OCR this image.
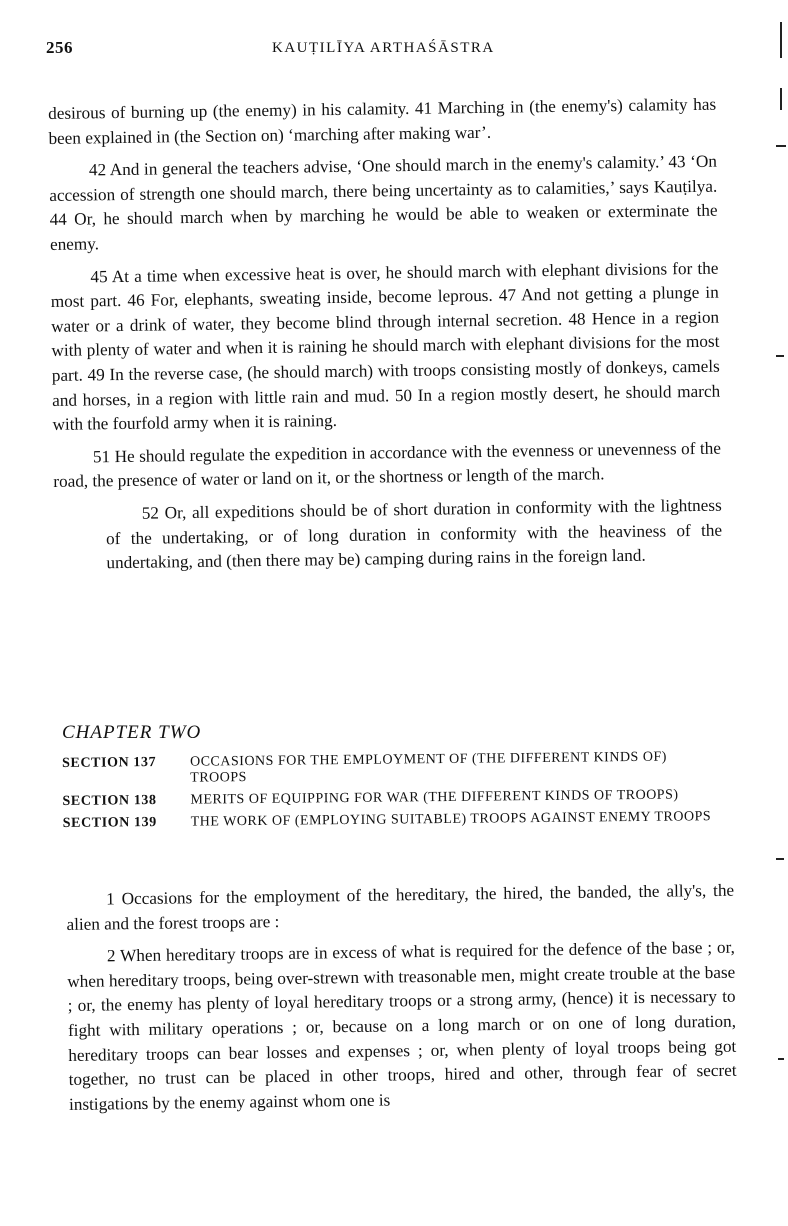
256	KAUṬILĪYA ARTHAŚĀSTRA

desirous of burning up (the enemy) in his calamity. 41 Marching in (the enemy's) calamity has been explained in (the Section on) ‘marching after making war’.

42 And in general the teachers advise, ‘One should march in the enemy's calamity.’ 43 ‘On accession of strength one should march, there being uncertainty as to calamities,’ says Kauṭilya. 44 Or, he should march when by marching he would be able to weaken or exterminate the enemy.

45 At a time when excessive heat is over, he should march with elephant divisions for the most part. 46 For, elephants, sweating inside, become leprous. 47 And not getting a plunge in water or a drink of water, they become blind through internal secretion. 48 Hence in a region with plenty of water and when it is raining he should march with elephant divisions for the most part. 49 In the reverse case, (he should march) with troops consisting mostly of donkeys, camels and horses, in a region with little rain and mud. 50 In a region mostly desert, he should march with the fourfold army when it is raining.

51 He should regulate the expedition in accordance with the evenness or unevenness of the road, the presence of water or land on it, or the shortness or length of the march.

52 Or, all expeditions should be of short duration in conformity with the lightness of the undertaking, or of long duration in conformity with the heaviness of the undertaking, and (then there may be) camping during rains in the foreign land.

CHAPTER TWO
SECTION 137	OCCASIONS FOR THE EMPLOYMENT OF (THE DIFFERENT KINDS OF) TROOPS
SECTION 138	MERITS OF EQUIPPING FOR WAR (THE DIFFERENT KINDS OF TROOPS)
SECTION 139	THE WORK OF (EMPLOYING SUITABLE) TROOPS AGAINST ENEMY TROOPS

1 Occasions for the employment of the hereditary, the hired, the banded, the ally's, the alien and the forest troops are :

2 When hereditary troops are in excess of what is required for the defence of the base ; or, when hereditary troops, being over-strewn with treasonable men, might create trouble at the base ; or, the enemy has plenty of loyal hereditary troops or a strong army, (hence) it is necessary to fight with military operations ; or, because on a long march or on one of long duration, hereditary troops can bear losses and expenses ; or, when plenty of loyal troops being got together, no trust can be placed in other troops, hired and other, through fear of secret instigations by the enemy against whom one is
